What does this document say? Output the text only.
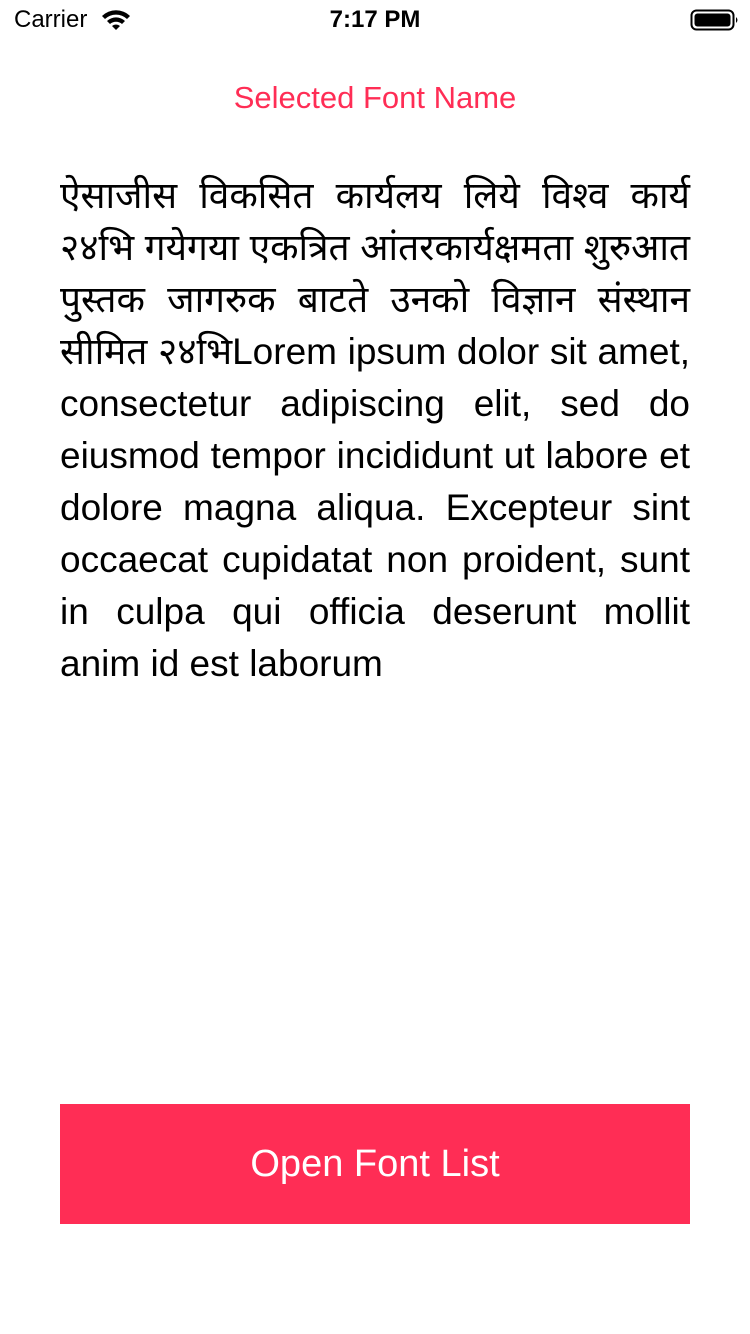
Carrier	7:17 PM
Selected Font Name
ऐसाजीस विकसित कार्यलय लिये विश्व कार्य २४भि गयेगया एकत्रित आंतरकार्यक्षमता शुरुआत पुस्तक जागरुक बाटते उनको विज्ञान संस्थान सीमित २४भिLorem ipsum dolor sit amet, consectetur adipiscing elit, sed do eiusmod tempor incididunt ut labore et dolore magna aliqua. Excepteur sint occaecat cupidatat non proident, sunt in culpa qui officia deserunt mollit anim id est laborum
Open Font List
